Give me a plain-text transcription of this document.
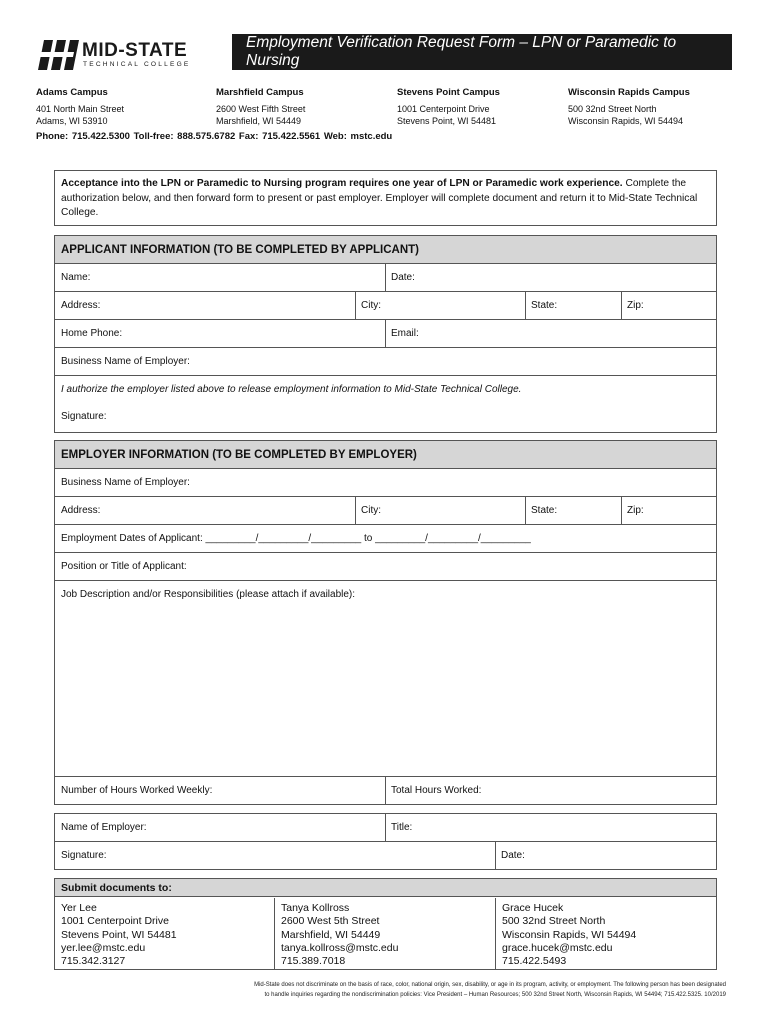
MID-STATE
TECHNICAL COLLEGE
Employment Verification Request Form – LPN or Paramedic to Nursing
Adams Campus
401 North Main Street
Adams, WI 53910
Marshfield Campus
2600 West Fifth Street
Marshfield, WI 54449
Stevens Point Campus
1001 Centerpoint Drive
Stevens Point, WI 54481
Wisconsin Rapids Campus
500 32nd Street North
Wisconsin Rapids, WI 54494
Phone: 715.422.5300 Toll-free: 888.575.6782 Fax: 715.422.5561 Web: mstc.edu
Acceptance into the LPN or Paramedic to Nursing program requires one year of LPN or Paramedic work experience. Complete the authorization below, and then forward form to present or past employer. Employer will complete document and return it to Mid-State Technical College.
APPLICANT INFORMATION (TO BE COMPLETED BY APPLICANT)
Name:	Date:
Address:	City:	State:	Zip:
Home Phone:	Email:
Business Name of Employer:
I authorize the employer listed above to release employment information to Mid-State Technical College.
Signature:
EMPLOYER INFORMATION (TO BE COMPLETED BY EMPLOYER)
Business Name of Employer:
Address:	City:	State:	Zip:
Employment Dates of Applicant: _________/_________/_________ to _________/_________/_________
Position or Title of Applicant:
Job Description and/or Responsibilities (please attach if available):
Number of Hours Worked Weekly:	Total Hours Worked:
Name of Employer:	Title:
Signature:	Date:
Submit documents to:
Yer Lee
1001 Centerpoint Drive
Stevens Point, WI 54481
yer.lee@mstc.edu
715.342.3127
Tanya Kollross
2600 West 5th Street
Marshfield, WI 54449
tanya.kollross@mstc.edu
715.389.7018
Grace Hucek
500 32nd Street North
Wisconsin Rapids, WI 54494
grace.hucek@mstc.edu
715.422.5493
Mid-State does not discriminate on the basis of race, color, national origin, sex, disability, or age in its program, activity, or employment. The following person has been designated
to handle inquiries regarding the nondiscrimination policies: Vice President – Human Resources; 500 32nd Street North, Wisconsin Rapids, WI 54494; 715.422.5325. 10/2019
